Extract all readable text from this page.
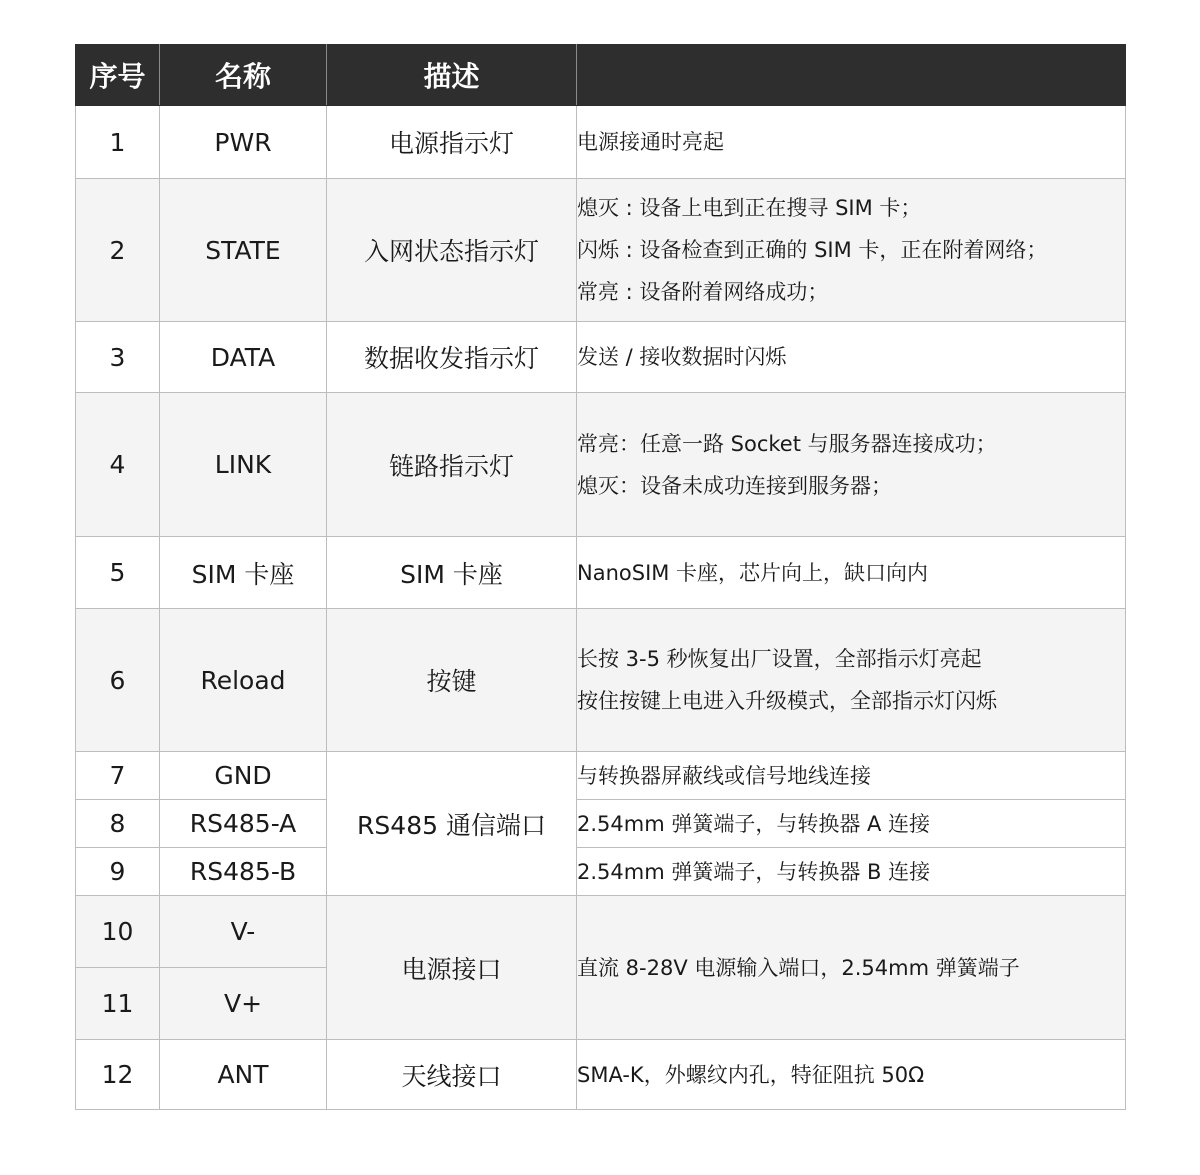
序号	名称	描述	
1	PWR	电源指示灯	电源接通时亮起

2	STATE	入网状态指示灯	熄灭 : 设备上电到正在搜寻 SIM 卡；
闪烁 : 设备检查到正确的 SIM 卡，正在附着网络；
常亮 : 设备附着网络成功；

3	DATA	数据收发指示灯	发送 / 接收数据时闪烁

4	LINK	链路指示灯	常亮：任意一路 Socket 与服务器连接成功；
熄灭：设备未成功连接到服务器；

5	SIM 卡座	SIM 卡座	NanoSIM 卡座，芯片向上，缺口向内

6	Reload	按键	长按 3-5 秒恢复出厂设置，全部指示灯亮起
按住按键上电进入升级模式，全部指示灯闪烁

7	GND	RS485 通信端口	与转换器屏蔽线或信号地线连接

8	RS485-A		2.54mm 弹簧端子，与转换器 A 连接

9	RS485-B		2.54mm 弹簧端子，与转换器 B 连接

10	V-	电源接口	直流 8-28V 电源输入端口，2.54mm 弹簧端子

11	V+		
12	ANT	天线接口	SMA-K，外螺纹内孔，特征阻抗 50Ω
